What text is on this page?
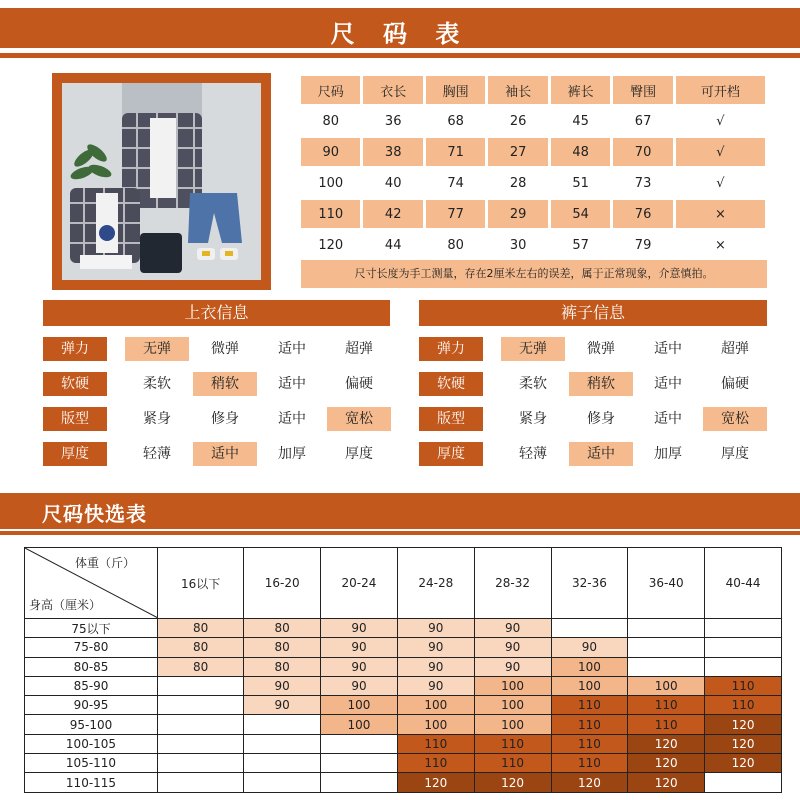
尺 码 表
尺码	衣长	胸围	袖长	裤长	臀围	可开档
80	36	68	26	45	67	√
90	38	71	27	48	70	√
100	40	74	28	51	73	√
110	42	77	29	54	76	×
120	44	80	30	57	79	×
尺寸长度为手工测量，存在2厘米左右的误差，属于正常现象，介意慎拍。
上衣信息	裤子信息
弹力	无弹	微弹	适中	超弹
软硬	柔软	稍软	适中	偏硬
版型	紧身	修身	适中	宽松
厚度	轻薄	适中	加厚	厚度
弹力	无弹	微弹	适中	超弹
软硬	柔软	稍软	适中	偏硬
版型	紧身	修身	适中	宽松
厚度	轻薄	适中	加厚	厚度
尺码快选表
体重（斤）
身高（厘米）	16以下	16-20	20-24	24-28	28-32	32-36	36-40	40-44
75以下	80	80	90	90	90			
75-80	80	80	90	90	90	90		
80-85	80	80	90	90	90	100		
85-90		90	90	90	100	100	100	110
90-95		90	100	100	100	110	110	110
95-100			100	100	100	110	110	120
100-105				110	110	110	120	120
105-110				110	110	110	120	120
110-115				120	120	120	120	
